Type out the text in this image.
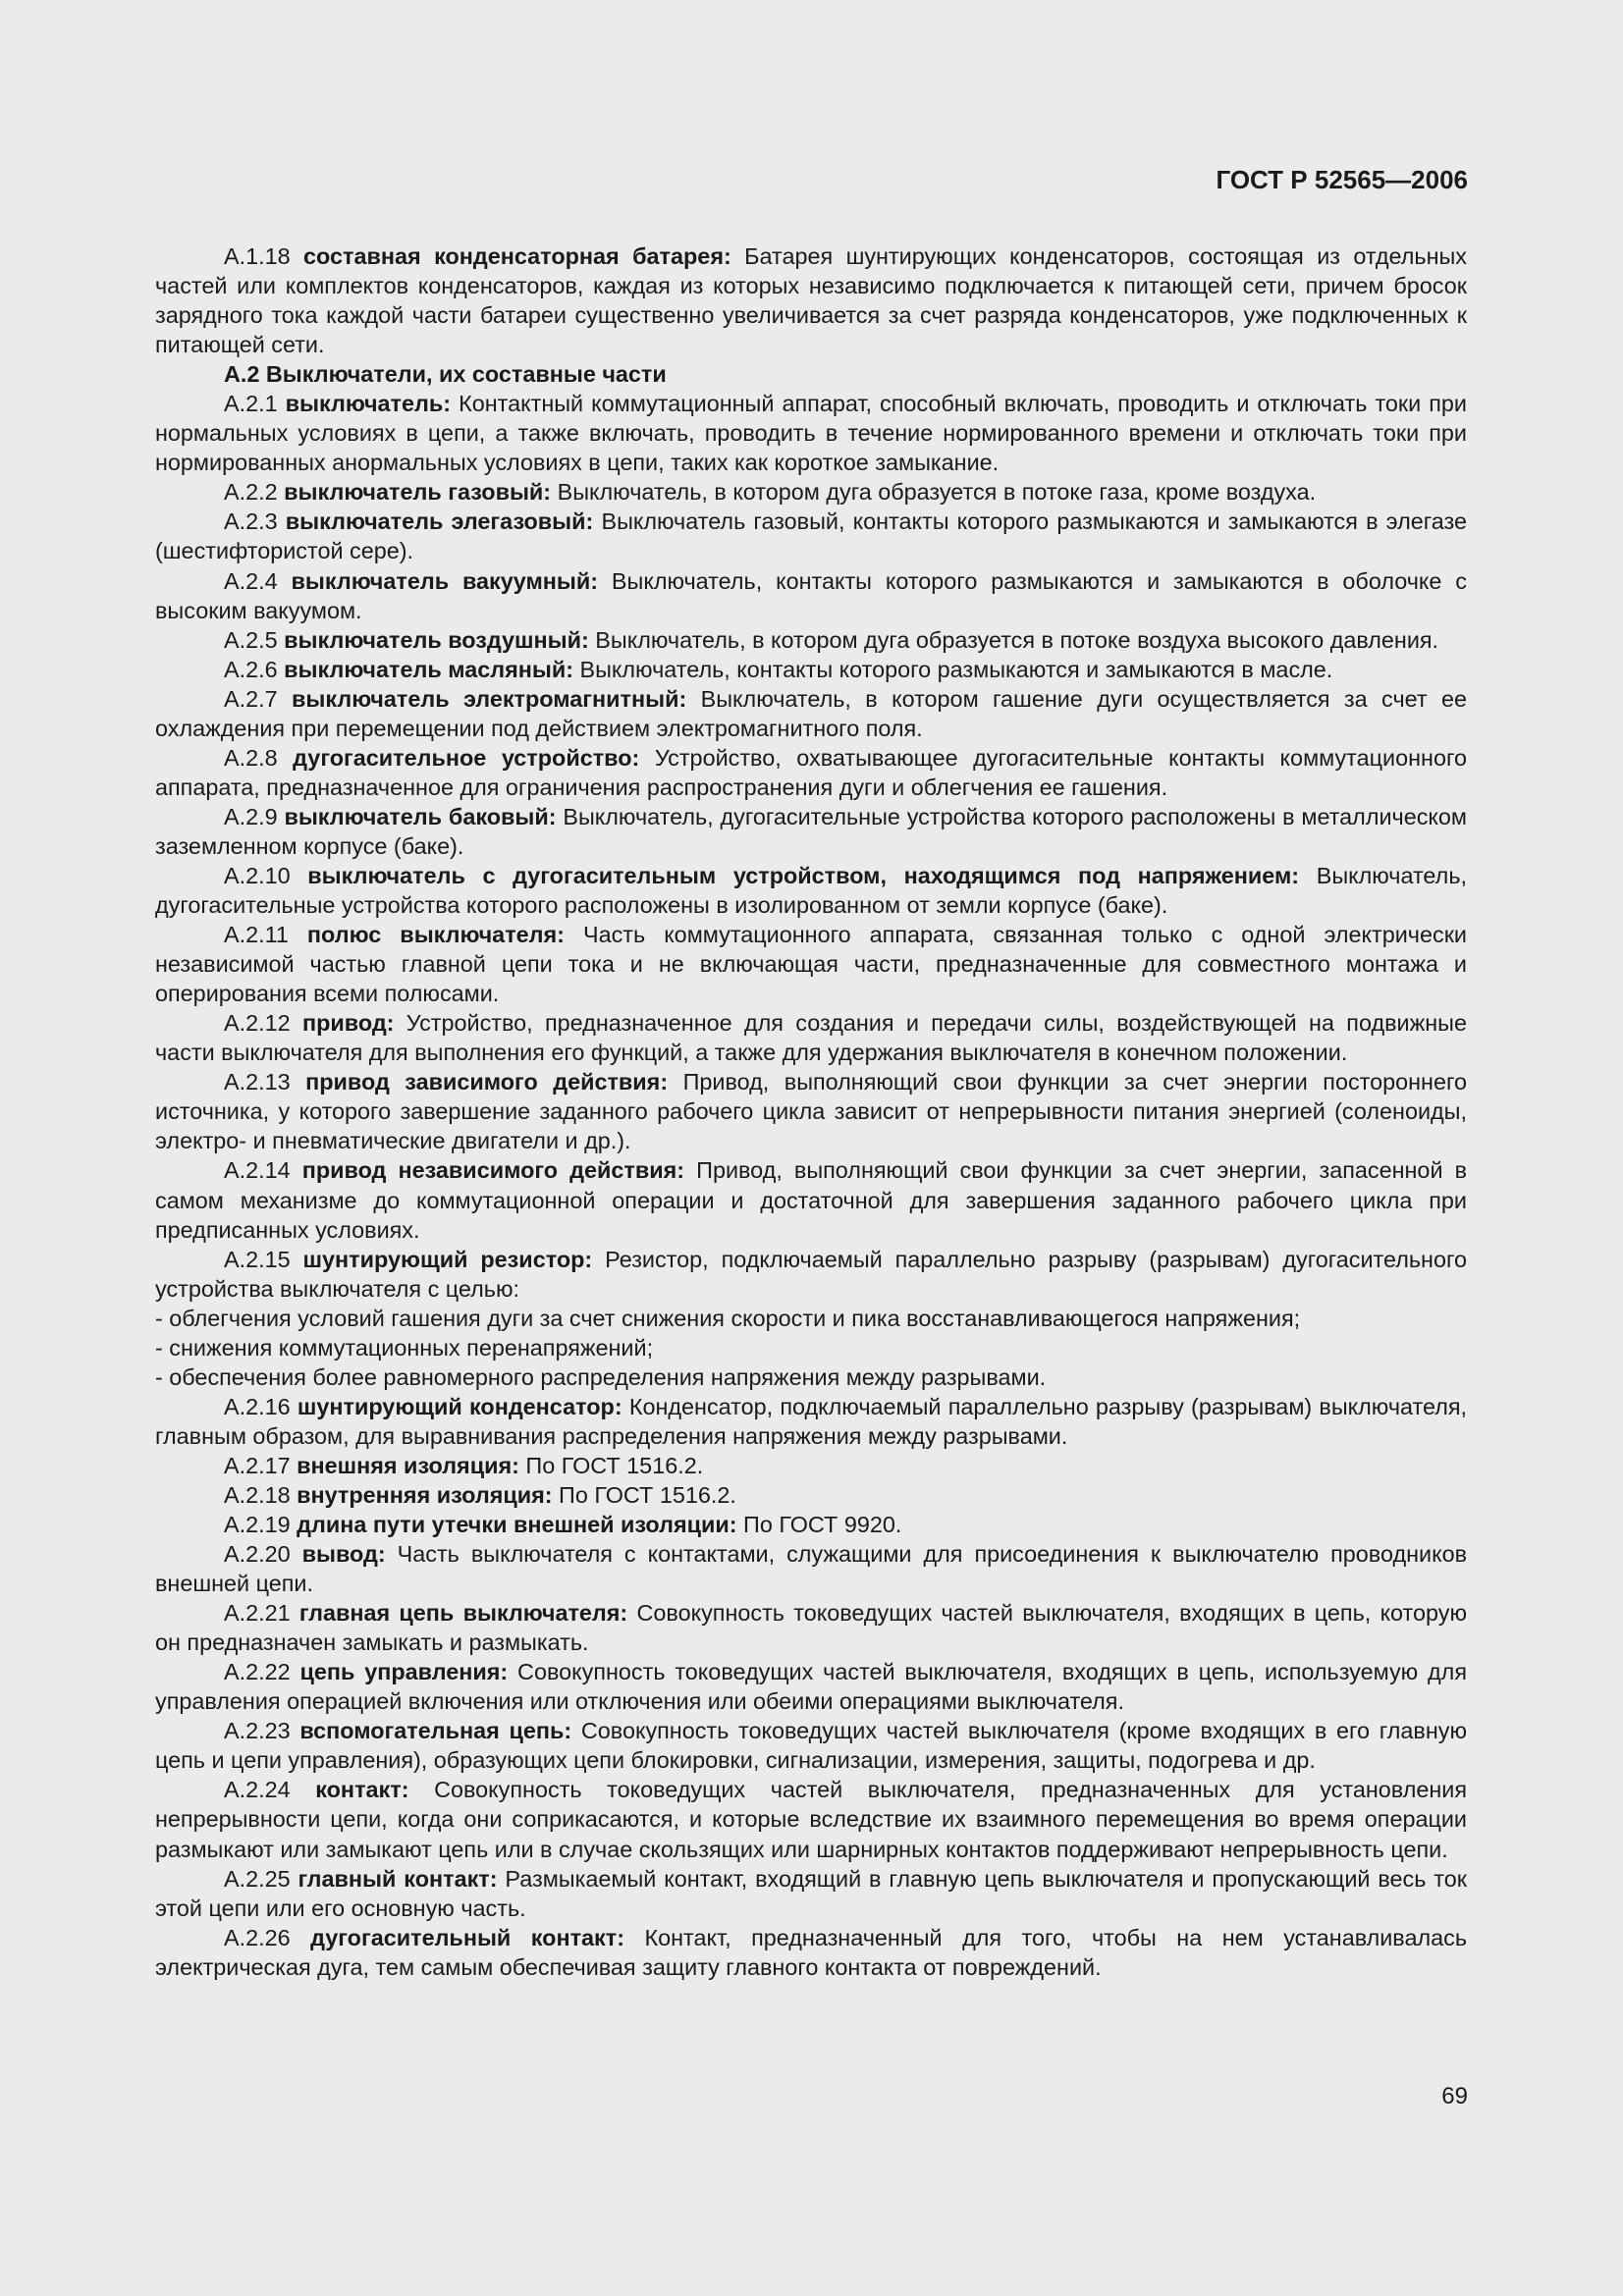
ГОСТ Р 52565—2006

А.1.18 составная конденсаторная батарея: Батарея шунтирующих конденсаторов, состоящая из отдельных частей или комплектов конденсаторов, каждая из которых независимо подключается к питающей сети, причем бросок зарядного тока каждой части батареи существенно увеличивается за счет разряда конденсаторов, уже подключенных к питающей сети.

А.2 Выключатели, их составные части

А.2.1 выключатель: Контактный коммутационный аппарат, способный включать, проводить и отключать токи при нормальных условиях в цепи, а также включать, проводить в течение нормированного времени и отключать токи при нормированных анормальных условиях в цепи, таких как короткое замыкание.

А.2.2 выключатель газовый: Выключатель, в котором дуга образуется в потоке газа, кроме воздуха.

А.2.3 выключатель элегазовый: Выключатель газовый, контакты которого размыкаются и замыкаются в элегазе (шестифтористой сере).

А.2.4 выключатель вакуумный: Выключатель, контакты которого размыкаются и замыкаются в оболочке с высоким вакуумом.

А.2.5 выключатель воздушный: Выключатель, в котором дуга образуется в потоке воздуха высокого давления.

А.2.6 выключатель масляный: Выключатель, контакты которого размыкаются и замыкаются в масле.

А.2.7 выключатель электромагнитный: Выключатель, в котором гашение дуги осуществляется за счет ее охлаждения при перемещении под действием электромагнитного поля.

А.2.8 дугогасительное устройство: Устройство, охватывающее дугогасительные контакты коммутационного аппарата, предназначенное для ограничения распространения дуги и облегчения ее гашения.

А.2.9 выключатель баковый: Выключатель, дугогасительные устройства которого расположены в металлическом заземленном корпусе (баке).

А.2.10 выключатель с дугогасительным устройством, находящимся под напряжением: Выключатель, дугогасительные устройства которого расположены в изолированном от земли корпусе (баке).

А.2.11 полюс выключателя: Часть коммутационного аппарата, связанная только с одной электрически независимой частью главной цепи тока и не включающая части, предназначенные для совместного монтажа и оперирования всеми полюсами.

А.2.12 привод: Устройство, предназначенное для создания и передачи силы, воздействующей на подвижные части выключателя для выполнения его функций, а также для удержания выключателя в конечном положении.

А.2.13 привод зависимого действия: Привод, выполняющий свои функции за счет энергии постороннего источника, у которого завершение заданного рабочего цикла зависит от непрерывности питания энергией (соленоиды, электро- и пневматические двигатели и др.).

А.2.14 привод независимого действия: Привод, выполняющий свои функции за счет энергии, запасенной в самом механизме до коммутационной операции и достаточной для завершения заданного рабочего цикла при предписанных условиях.

А.2.15 шунтирующий резистор: Резистор, подключаемый параллельно разрыву (разрывам) дугогасительного устройства выключателя с целью:

- облегчения условий гашения дуги за счет снижения скорости и пика восстанавливающегося напряжения;

- снижения коммутационных перенапряжений;

- обеспечения более равномерного распределения напряжения между разрывами.

А.2.16 шунтирующий конденсатор: Конденсатор, подключаемый параллельно разрыву (разрывам) выключателя, главным образом, для выравнивания распределения напряжения между разрывами.

А.2.17 внешняя изоляция: По ГОСТ 1516.2.

А.2.18 внутренняя изоляция: По ГОСТ 1516.2.

А.2.19 длина пути утечки внешней изоляции: По ГОСТ 9920.

А.2.20 вывод: Часть выключателя с контактами, служащими для присоединения к выключателю проводников внешней цепи.

А.2.21 главная цепь выключателя: Совокупность токоведущих частей выключателя, входящих в цепь, которую он предназначен замыкать и размыкать.

А.2.22 цепь управления: Совокупность токоведущих частей выключателя, входящих в цепь, используемую для управления операцией включения или отключения или обеими операциями выключателя.

А.2.23 вспомогательная цепь: Совокупность токоведущих частей выключателя (кроме входящих в его главную цепь и цепи управления), образующих цепи блокировки, сигнализации, измерения, защиты, подогрева и др.

А.2.24 контакт: Совокупность токоведущих частей выключателя, предназначенных для установления непрерывности цепи, когда они соприкасаются, и которые вследствие их взаимного перемещения во время операции размыкают или замыкают цепь или в случае скользящих или шарнирных контактов поддерживают непрерывность цепи.

А.2.25 главный контакт: Размыкаемый контакт, входящий в главную цепь выключателя и пропускающий весь ток этой цепи или его основную часть.

А.2.26 дугогасительный контакт: Контакт, предназначенный для того, чтобы на нем устанавливалась электрическая дуга, тем самым обеспечивая защиту главного контакта от повреждений.

69
